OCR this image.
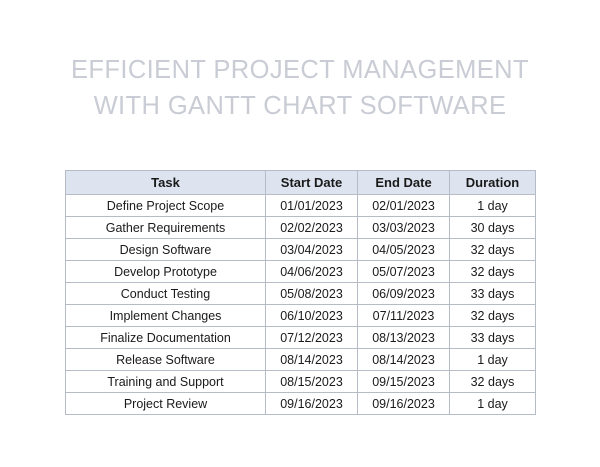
EFFICIENT PROJECT MANAGEMENT
WITH GANTT CHART SOFTWARE
Task	Start Date	End Date	Duration
Define Project Scope	01/01/2023	02/01/2023	1 day
Gather Requirements	02/02/2023	03/03/2023	30 days
Design Software	03/04/2023	04/05/2023	32 days
Develop Prototype	04/06/2023	05/07/2023	32 days
Conduct Testing	05/08/2023	06/09/2023	33 days
Implement Changes	06/10/2023	07/11/2023	32 days
Finalize Documentation	07/12/2023	08/13/2023	33 days
Release Software	08/14/2023	08/14/2023	1 day
Training and Support	08/15/2023	09/15/2023	32 days
Project Review	09/16/2023	09/16/2023	1 day
